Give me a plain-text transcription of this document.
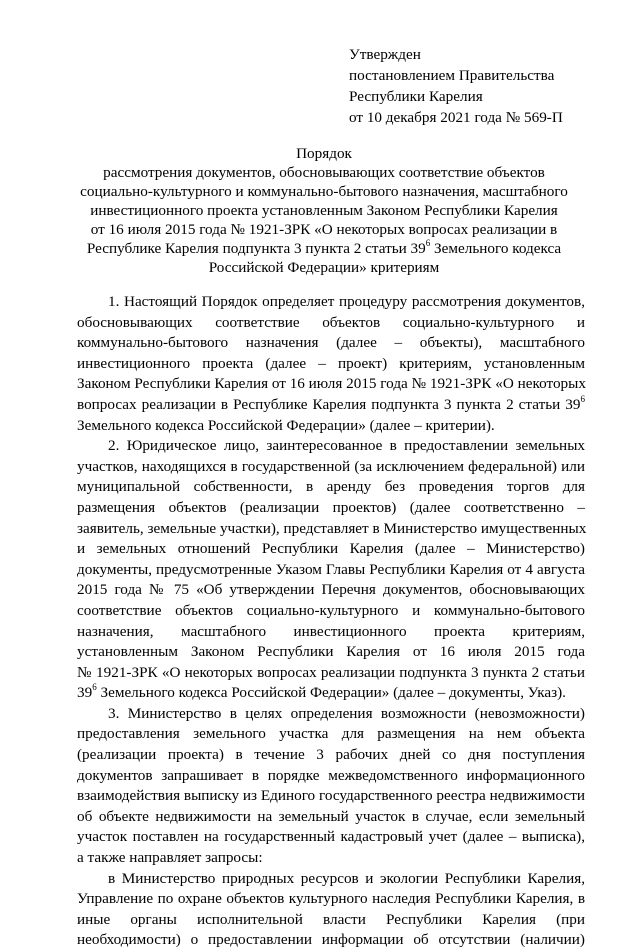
Утвержден
постановлением Правительства
Республики Карелия
от 10 декабря 2021 года № 569-П
Порядок
рассмотрения документов, обосновывающих соответствие объектов
социально-культурного и коммунально-бытового назначения, масштабного
инвестиционного проекта установленным Законом Республики Карелия
от 16 июля 2015 года № 1921-ЗРК «О некоторых вопросах реализации в
Республике Карелия подпункта 3 пункта 2 статьи $39^6$ Земельного кодекса
Российской Федерации» критериям
1. Настоящий Порядок определяет процедуру рассмотрения документов,
обосновывающих соответствие объектов социально-культурного и
коммунально-бытового назначения (далее – объекты), масштабного
инвестиционного проекта (далее – проект) критериям, установленным
Законом Республики Карелия от 16 июля 2015 года № 1921-ЗРК «О некоторых
вопросах реализации в Республике Карелия подпункта 3 пункта 2 статьи $39^6$
Земельного кодекса Российской Федерации» (далее – критерии).
2. Юридическое лицо, заинтересованное в предоставлении земельных
участков, находящихся в государственной (за исключением федеральной) или
муниципальной собственности, в аренду без проведения торгов для
размещения объектов (реализации проектов) (далее соответственно –
заявитель, земельные участки), представляет в Министерство имущественных
и земельных отношений Республики Карелия (далее – Министерство)
документы, предусмотренные Указом Главы Республики Карелия от 4 августа
2015 года № 75 «Об утверждении Перечня документов, обосновывающих
соответствие объектов социально-культурного и коммунально-бытового
назначения, масштабного инвестиционного проекта критериям,
установленным Законом Республики Карелия от 16 июля 2015 года
№ 1921-ЗРК «О некоторых вопросах реализации подпункта 3 пункта 2 статьи
$39^6$ Земельного кодекса Российской Федерации» (далее – документы, Указ).
3. Министерство в целях определения возможности (невозможности)
предоставления земельного участка для размещения на нем объекта
(реализации проекта) в течение 3 рабочих дней со дня поступления
документов запрашивает в порядке межведомственного информационного
взаимодействия выписку из Единого государственного реестра недвижимости
об объекте недвижимости на земельный участок в случае, если земельный
участок поставлен на государственный кадастровый учет (далее – выписка),
а также направляет запросы:
в Министерство природных ресурсов и экологии Республики Карелия,
Управление по охране объектов культурного наследия Республики Карелия, в
иные органы исполнительной власти Республики Карелия (при
необходимости) о предоставлении информации об отсутствии (наличии)
